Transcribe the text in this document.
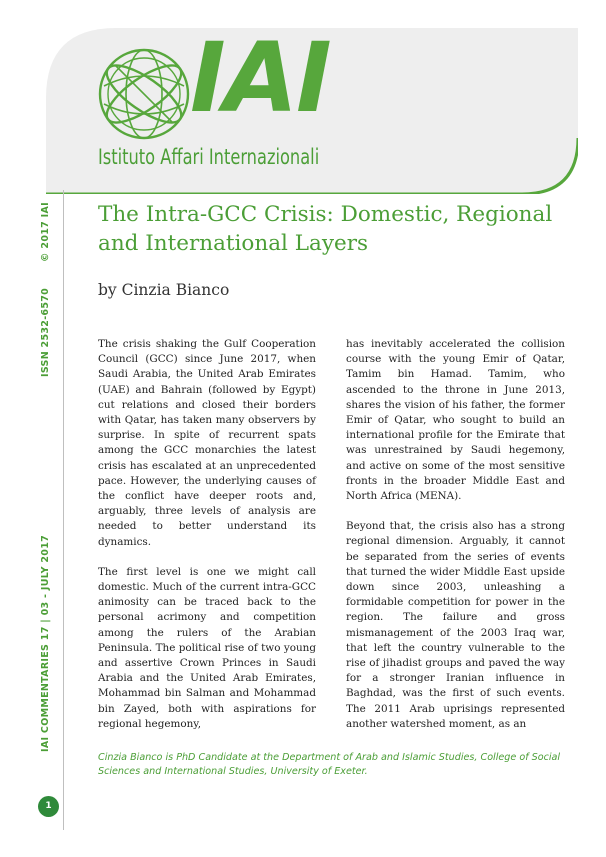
IAI
Istituto Affari Internazionali
© 2017 IAI
ISSN 2532-6570
IAI COMMENTARIES 17 | 03 - JULY 2017
The Intra-GCC Crisis: Domestic, Regional and International Layers
by Cinzia Bianco

The crisis shaking the Gulf Cooperation Council (GCC) since June 2017, when Saudi Arabia, the United Arab Emirates (UAE) and Bahrain (followed by Egypt) cut relations and closed their borders with Qatar, has taken many observers by surprise. In spite of recurrent spats among the GCC monarchies the latest crisis has escalated at an unprecedented pace. However, the underlying causes of the conflict have deeper roots and, arguably, three levels of analysis are needed to better understand its dynamics.

The first level is one we might call domestic. Much of the current intra-GCC animosity can be traced back to the personal acrimony and competition among the rulers of the Arabian Peninsula. The political rise of two young and assertive Crown Princes in Saudi Arabia and the United Arab Emirates, Mohammad bin Salman and Mohammad bin Zayed, both with aspirations for regional hegemony,

has inevitably accelerated the collision course with the young Emir of Qatar, Tamim bin Hamad. Tamim, who ascended to the throne in June 2013, shares the vision of his father, the former Emir of Qatar, who sought to build an international profile for the Emirate that was unrestrained by Saudi hegemony, and active on some of the most sensitive fronts in the broader Middle East and North Africa (MENA).

Beyond that, the crisis also has a strong regional dimension. Arguably, it cannot be separated from the series of events that turned the wider Middle East upside down since 2003, unleashing a formidable competition for power in the region. The failure and gross mismanagement of the 2003 Iraq war, that left the country vulnerable to the rise of jihadist groups and paved the way for a stronger Iranian influence in Baghdad, was the first of such events. The 2011 Arab uprisings represented another watershed moment, as an

Cinzia Bianco is PhD Candidate at the Department of Arab and Islamic Studies, College of Social Sciences and International Studies, University of Exeter.
1
